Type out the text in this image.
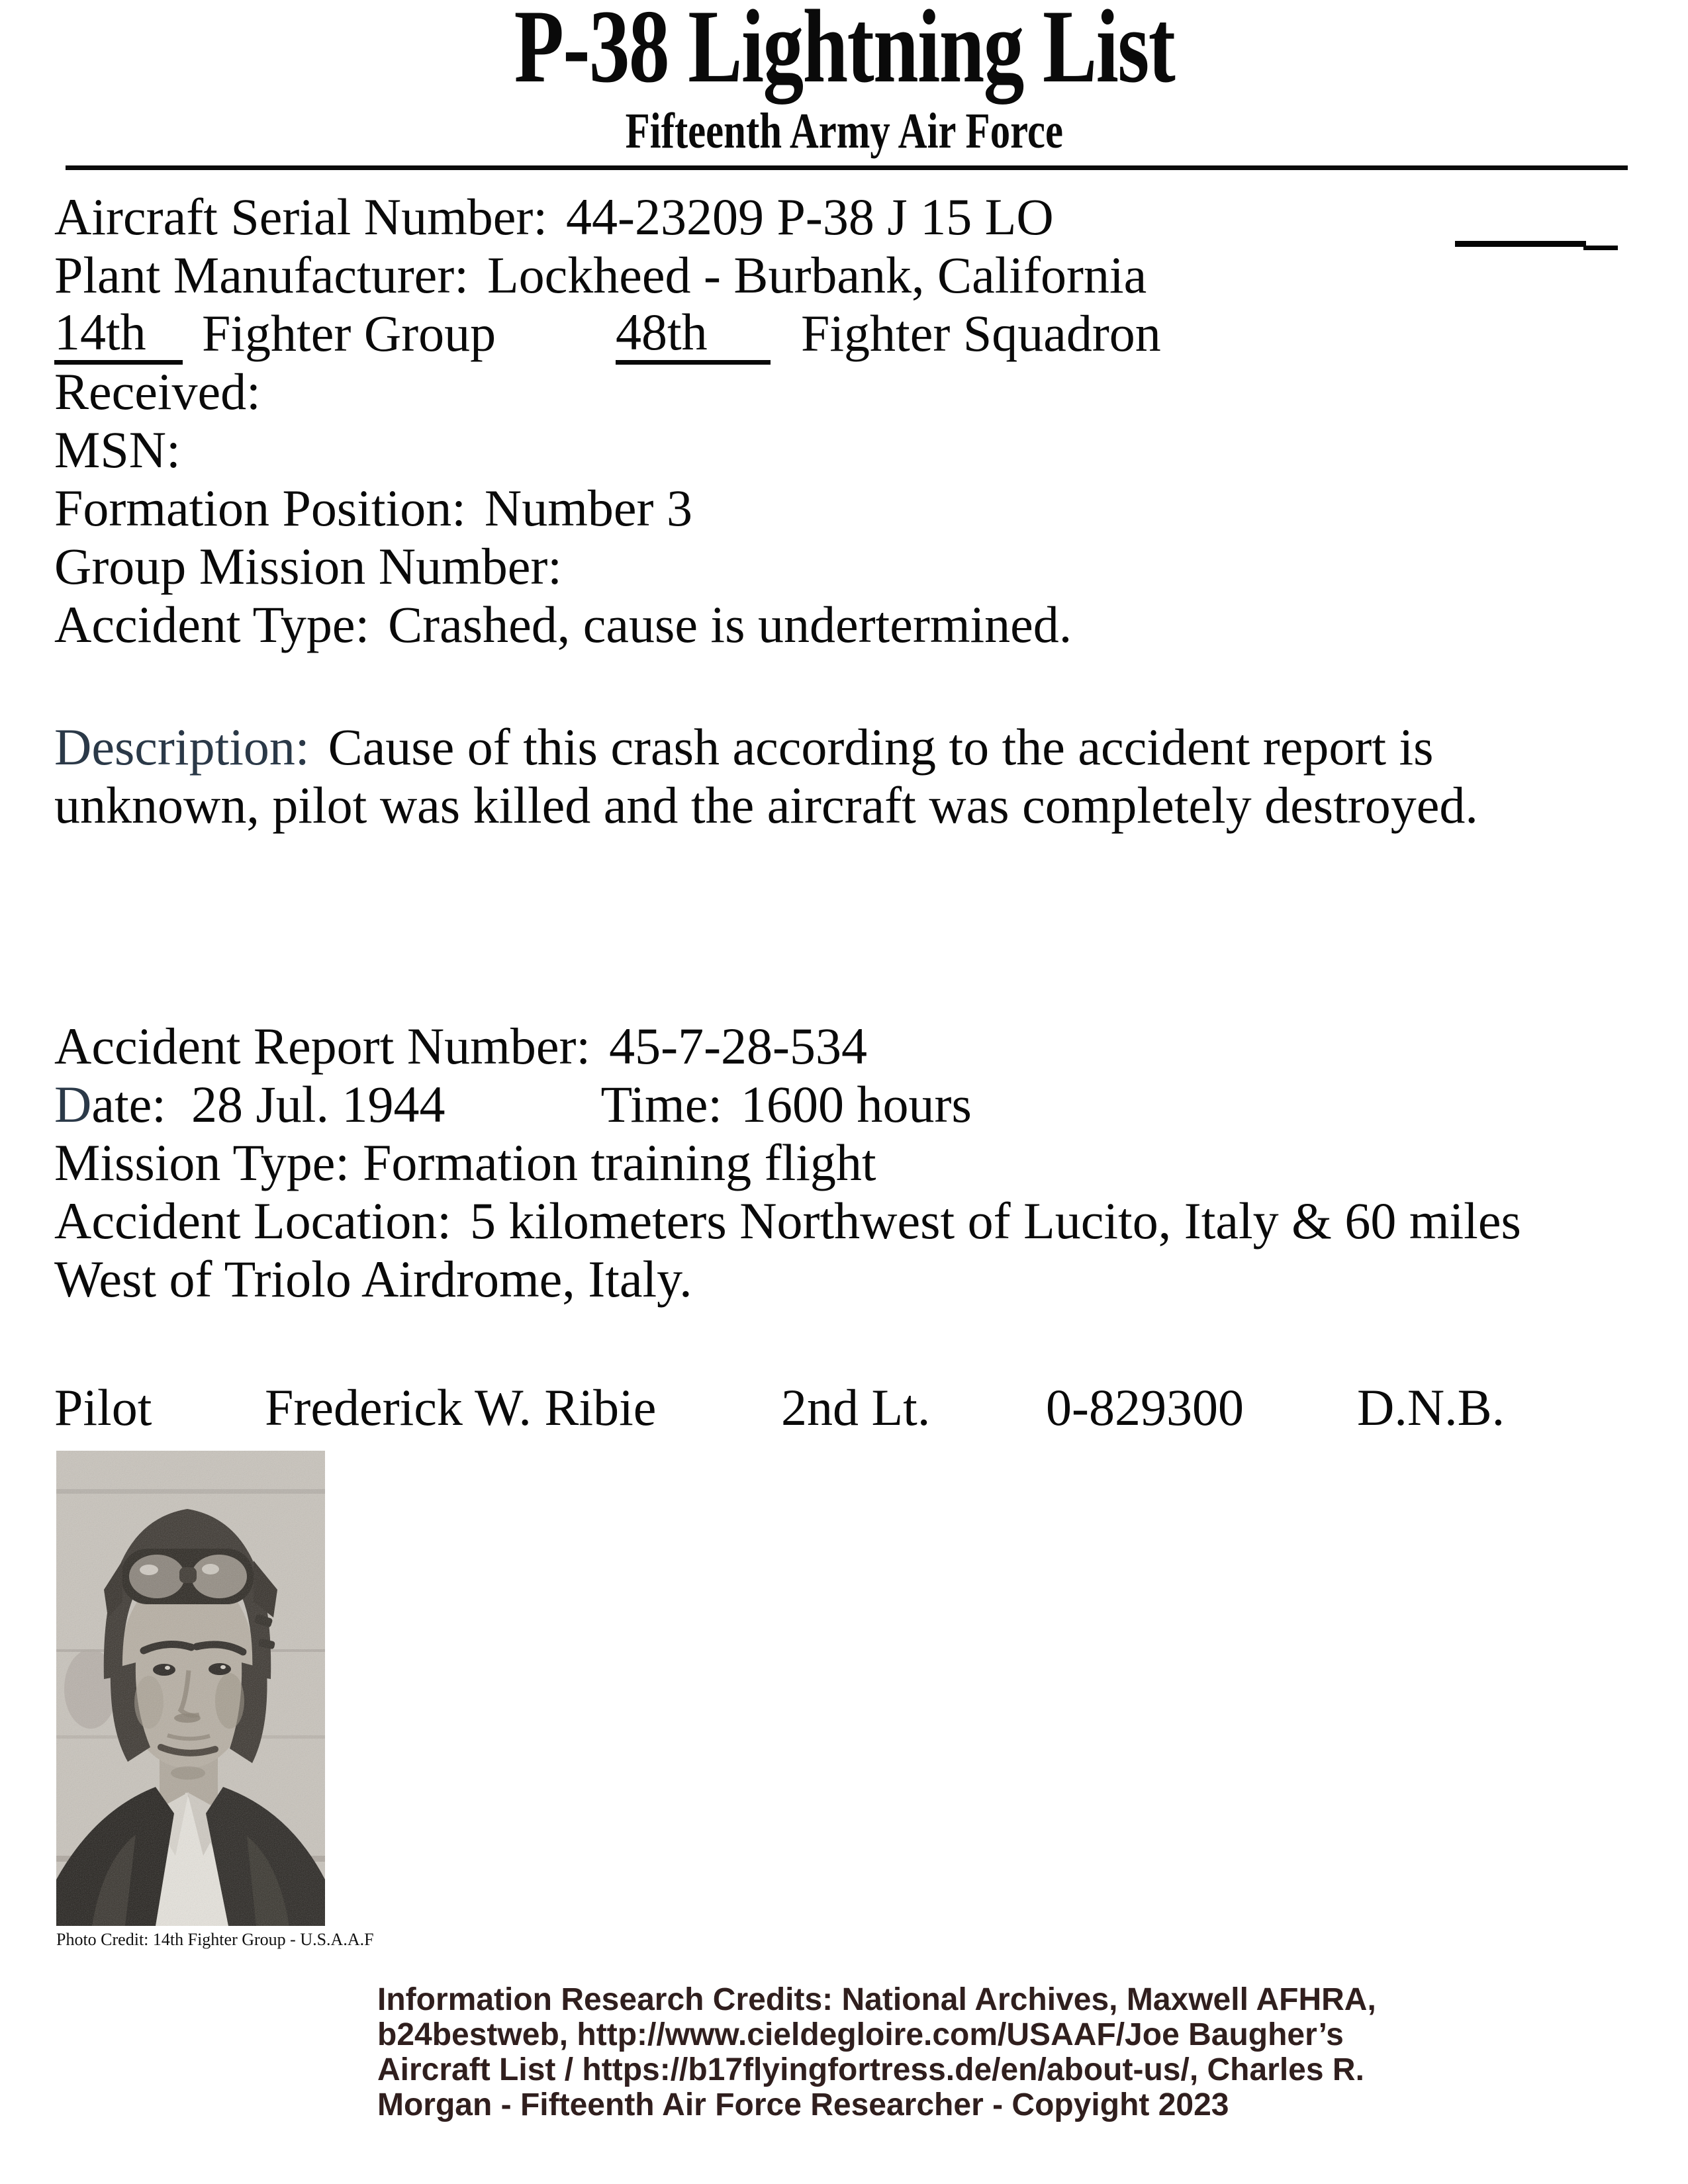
P-38 Lightning List
Fifteenth Army Air Force
Aircraft Serial Number: 44-23209 P-38 J 15 LO
Plant Manufacturer: Lockheed - Burbank, California
14th	Fighter Group 48th	Fighter Squadron
Received:
MSN:
Formation Position: Number 3
Group Mission Number:
Accident Type: Crashed, cause is undertermined.
Description: Cause of this crash according to the accident report is
unknown, pilot was killed and the aircraft was completely destroyed.
Accident Report Number: 45-7-28-534
Date: 28 Jul. 1944	Time: 1600 hours
Mission Type: Formation training flight
Accident Location: 5 kilometers Northwest of Lucito, Italy & 60 miles
West of Triolo Airdrome, Italy.
Pilot Frederick W. Ribie 2nd Lt. 0-829300 D.N.B.
Photo Credit: 14th Fighter Group - U.S.A.A.F
Information Research Credits: National Archives, Maxwell AFHRA,
b24bestweb, http://www.cieldegloire.com/USAAF/Joe Baugher’s
Aircraft List / https://b17flyingfortress.de/en/about-us/, Charles R.
Morgan - Fifteenth Air Force Researcher - Copyight 2023
